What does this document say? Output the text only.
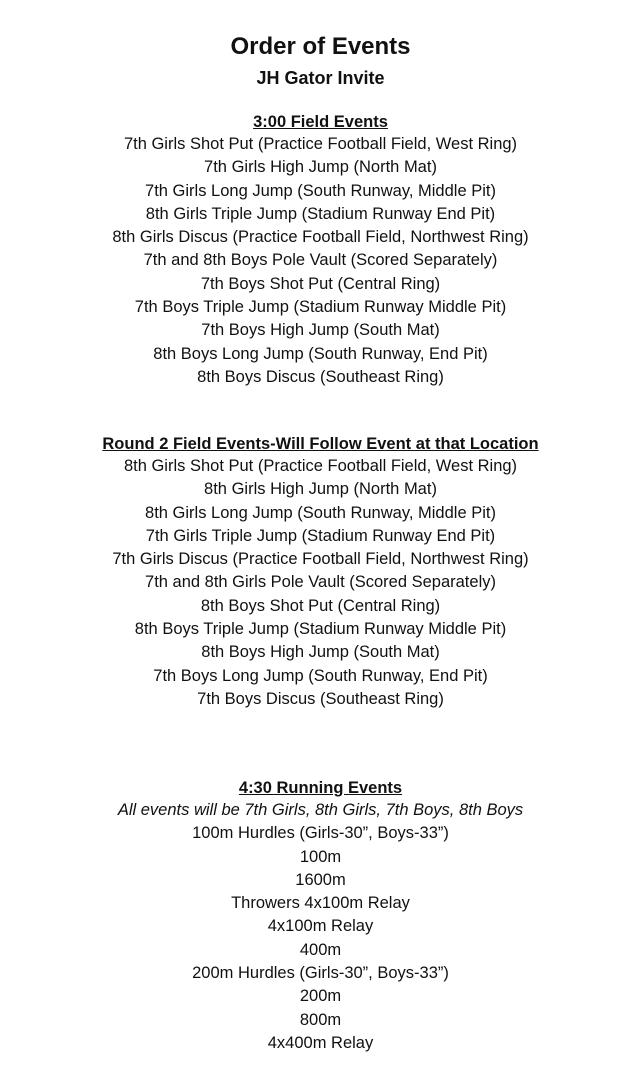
Order of Events
JH Gator Invite

3:00 Field Events

7th Girls Shot Put (Practice Football Field, West Ring)

7th Girls High Jump (North Mat)

7th Girls Long Jump (South Runway, Middle Pit)

8th Girls Triple Jump (Stadium Runway End Pit)

8th Girls Discus (Practice Football Field, Northwest Ring)

7th and 8th Boys Pole Vault (Scored Separately)

7th Boys Shot Put (Central Ring)

7th Boys Triple Jump (Stadium Runway Middle Pit)

7th Boys High Jump (South Mat)

8th Boys Long Jump (South Runway, End Pit)

8th Boys Discus (Southeast Ring)

Round 2 Field Events-Will Follow Event at that Location

8th Girls Shot Put (Practice Football Field, West Ring)

8th Girls High Jump (North Mat)

8th Girls Long Jump (South Runway, Middle Pit)

7th Girls Triple Jump (Stadium Runway End Pit)

7th Girls Discus (Practice Football Field, Northwest Ring)

7th and 8th Girls Pole Vault (Scored Separately)

8th Boys Shot Put (Central Ring)

8th Boys Triple Jump (Stadium Runway Middle Pit)

8th Boys High Jump (South Mat)

7th Boys Long Jump (South Runway, End Pit)

7th Boys Discus (Southeast Ring)

4:30 Running Events

All events will be 7th Girls, 8th Girls, 7th Boys, 8th Boys

100m Hurdles (Girls-30”, Boys-33”)

100m

1600m

Throwers 4x100m Relay

4x100m Relay

400m

200m Hurdles (Girls-30”, Boys-33”)

200m

800m

4x400m Relay
